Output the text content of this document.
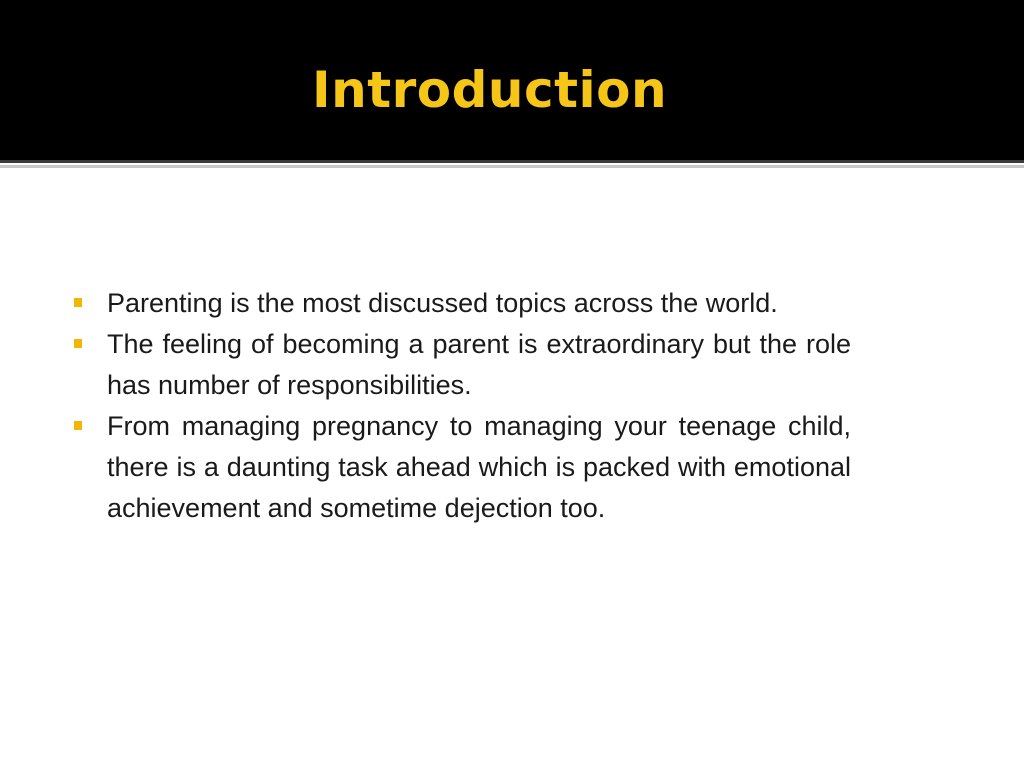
Introduction
Parenting is the most discussed topics across the world.
The feeling of becoming a parent is extraordinary but the role has number of responsibilities.
From managing pregnancy to managing your teenage child, there is a daunting task ahead which is packed with emotional achievement and sometime dejection too.
